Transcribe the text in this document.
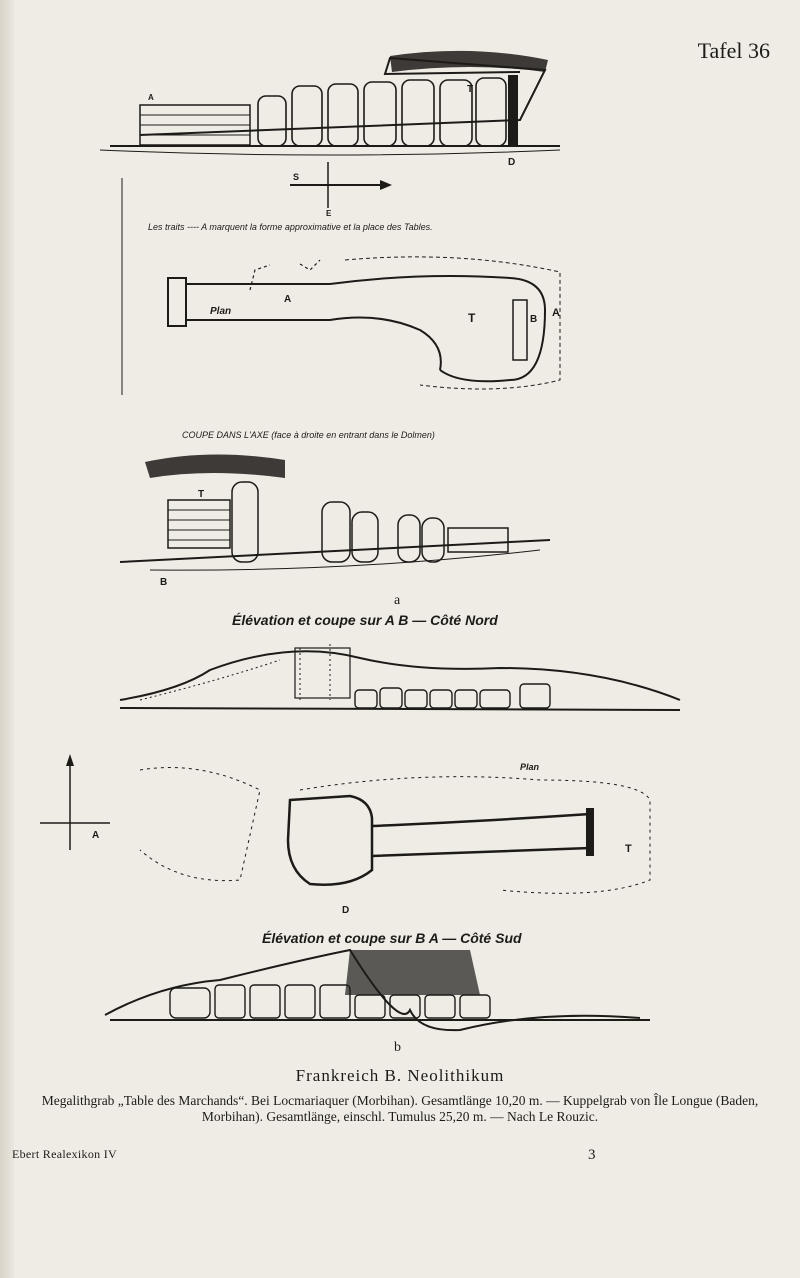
Tafel 36

T
D
A
S
E
Plan	T	B
A
A
T
B
A
T
D
Plan

Les traits ---- A marquent la forme approximative et la place des Tables.

COUPE DANS L'AXE (face à droite en entrant dans le Dolmen)

a

Élévation et coupe sur A B — Côté Nord

Élévation et coupe sur B A — Côté Sud

b

Frankreich B. Neolithikum

Megalithgrab „Table des Marchands“. Bei Locmariaquer (Morbihan). Gesamtlänge 10,20 m. — Kuppelgrab von Île Longue (Baden, Morbihan). Gesamtlänge, einschl. Tumulus 25,20 m. — Nach Le Rouzic.

Ebert Realexikon IV	3
